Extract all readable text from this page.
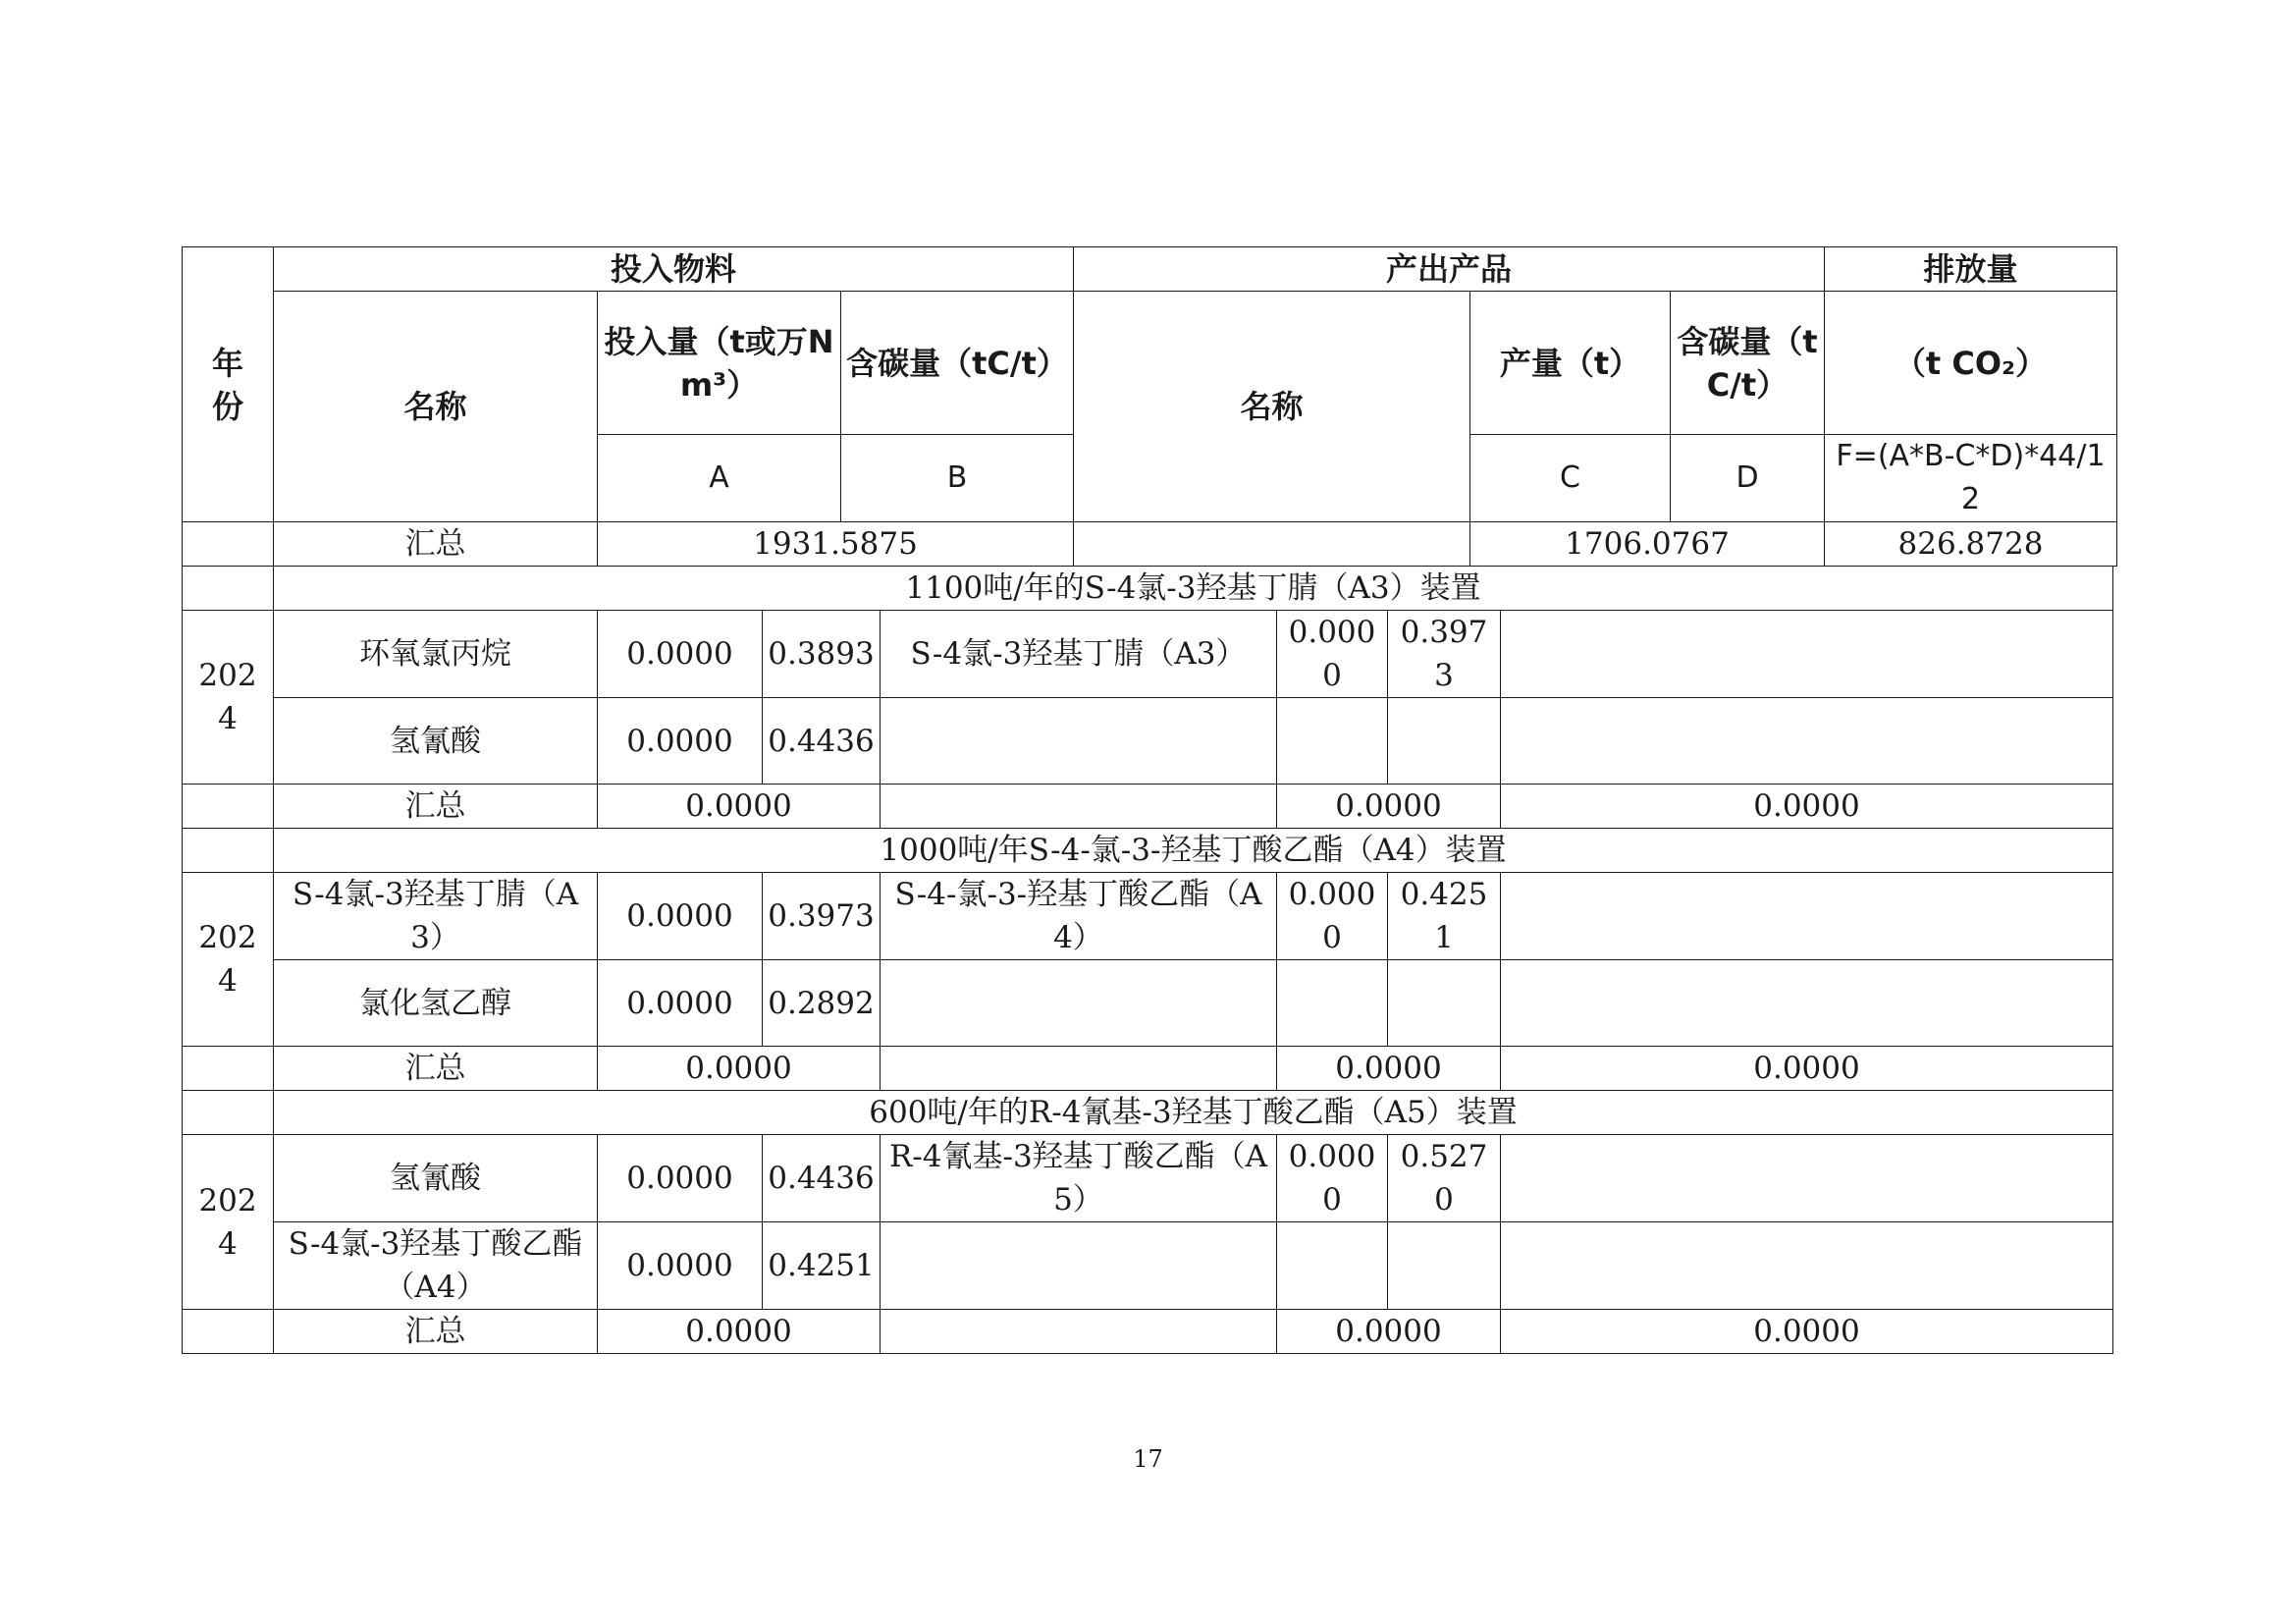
年份	投入物料			产出产品			排放量
	名称	投入量（t或万Nm³）	含碳量（tC/t）	名称	产量（t）	含碳量（tC/t）	（t CO₂）
		A	B		C	D	F=(A*B-C*D)*44/12
	汇总	1931.5875			1706.0767		826.8728
	1100吨/年的S-4氯-3羟基丁腈（A3）装置						
2024	环氧氯丙烷	0.0000	0.3893	S-4氯-3羟基丁腈（A3）	0.0000	0.3973	
	氢氰酸	0.0000	0.4436				
	汇总	0.0000			0.0000		0.0000
	1000吨/年S-4-氯-3-羟基丁酸乙酯（A4）装置						
2024	S-4氯-3羟基丁腈（A3）	0.0000	0.3973	S-4-氯-3-羟基丁酸乙酯（A4）	0.0000	0.4251	
	氯化氢乙醇	0.0000	0.2892				
	汇总	0.0000			0.0000		0.0000
	600吨/年的R-4氰基-3羟基丁酸乙酯（A5）装置						
2024	氢氰酸	0.0000	0.4436	R-4氰基-3羟基丁酸乙酯（A5）	0.0000	0.5270	
	S-4氯-3羟基丁酸乙酯（A4）	0.0000	0.4251				
	汇总	0.0000			0.0000		0.0000
17
